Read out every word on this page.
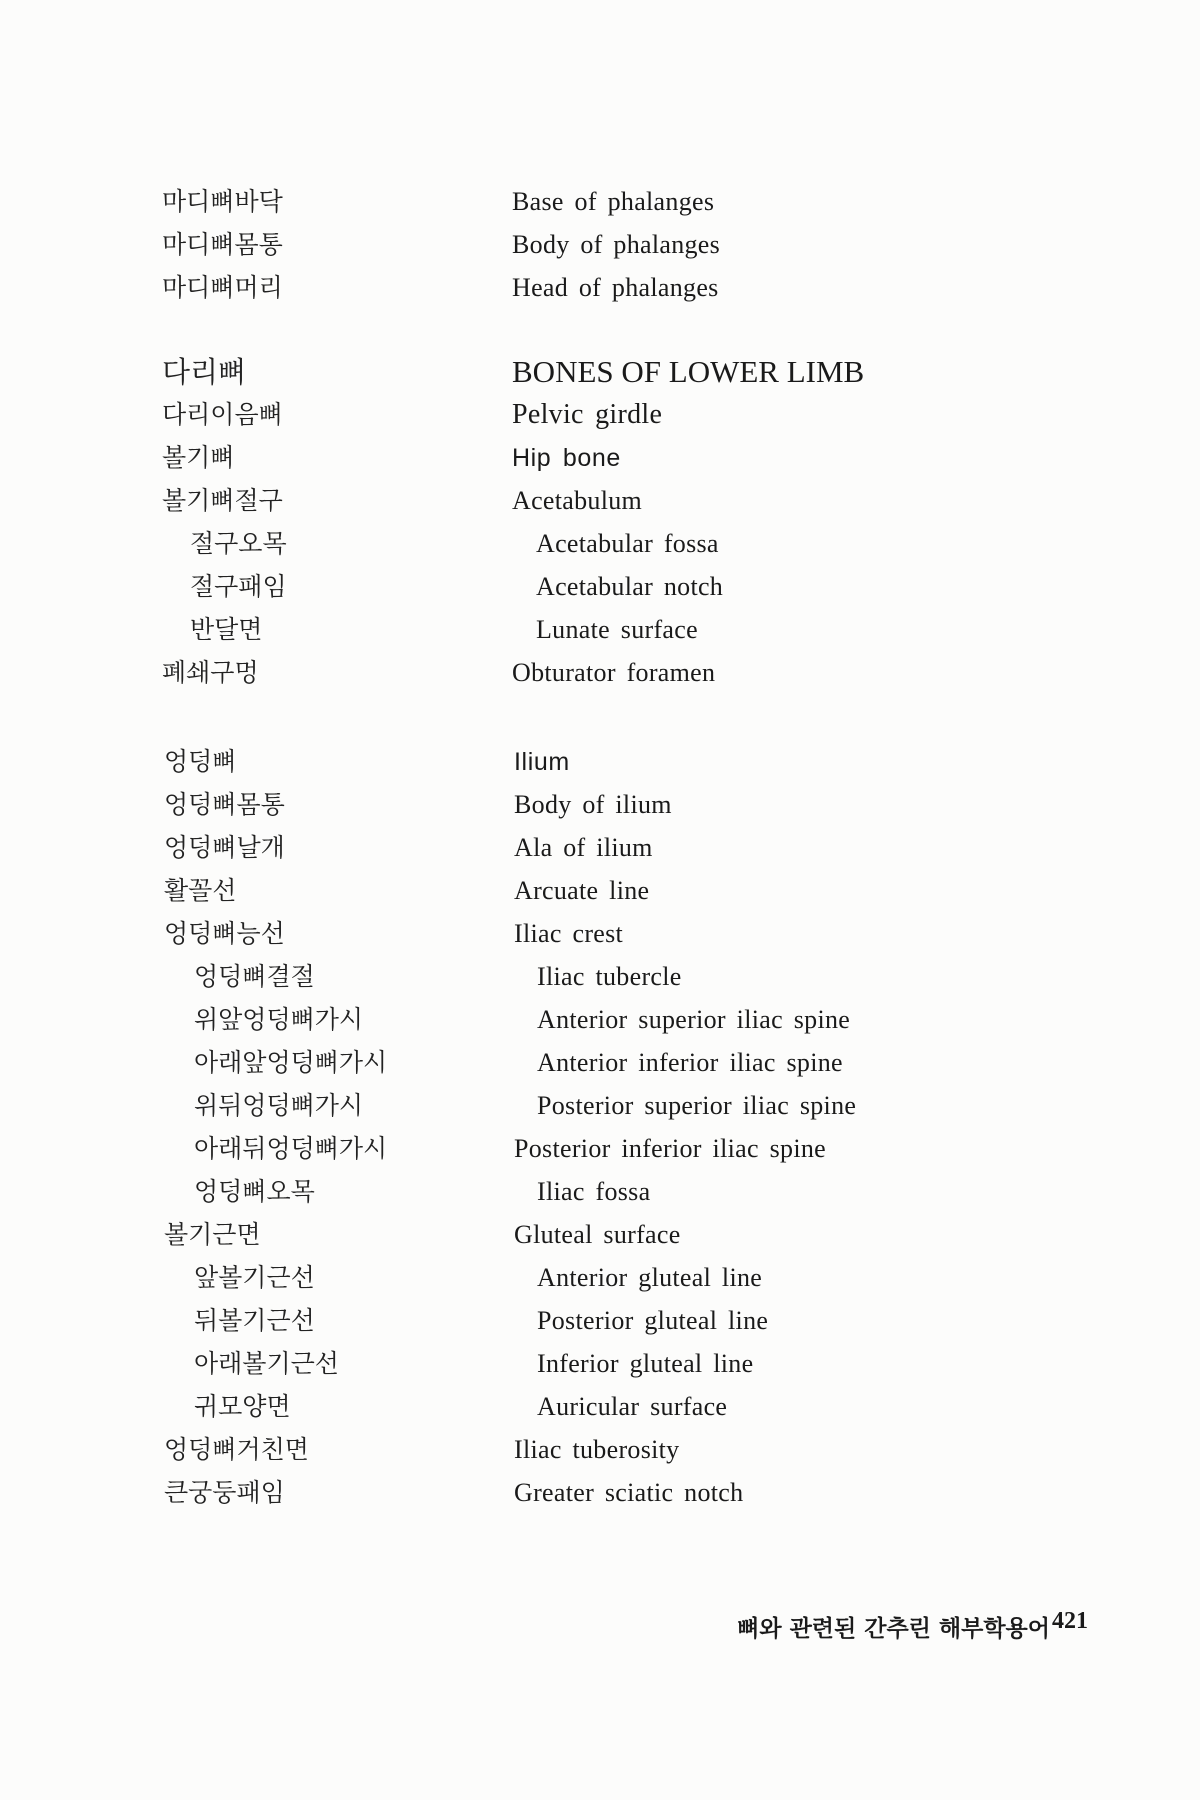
마디뼈바닥	Base of phalanges
마디뼈몸통	Body of phalanges
마디뼈머리	Head of phalanges
다리뼈	BONES OF LOWER LIMB
다리이음뼈	Pelvic girdle
볼기뼈	Hip bone
볼기뼈절구	Acetabulum
절구오목	Acetabular fossa
절구패임	Acetabular notch
반달면	Lunate surface
폐쇄구멍	Obturator foramen
엉덩뼈	Ilium
엉덩뼈몸통	Body of ilium
엉덩뼈날개	Ala of ilium
활꼴선	Arcuate line
엉덩뼈능선	Iliac crest
엉덩뼈결절	Iliac tubercle
위앞엉덩뼈가시	Anterior superior iliac spine
아래앞엉덩뼈가시	Anterior inferior iliac spine
위뒤엉덩뼈가시	Posterior superior iliac spine
아래뒤엉덩뼈가시	Posterior inferior iliac spine
엉덩뼈오목	Iliac fossa
볼기근면	Gluteal surface
앞볼기근선	Anterior gluteal line
뒤볼기근선	Posterior gluteal line
아래볼기근선	Inferior gluteal line
귀모양면	Auricular surface
엉덩뼈거친면	Iliac tuberosity
큰궁둥패임	Greater sciatic notch
뼈와 관련된 간추린 해부학용어 421
